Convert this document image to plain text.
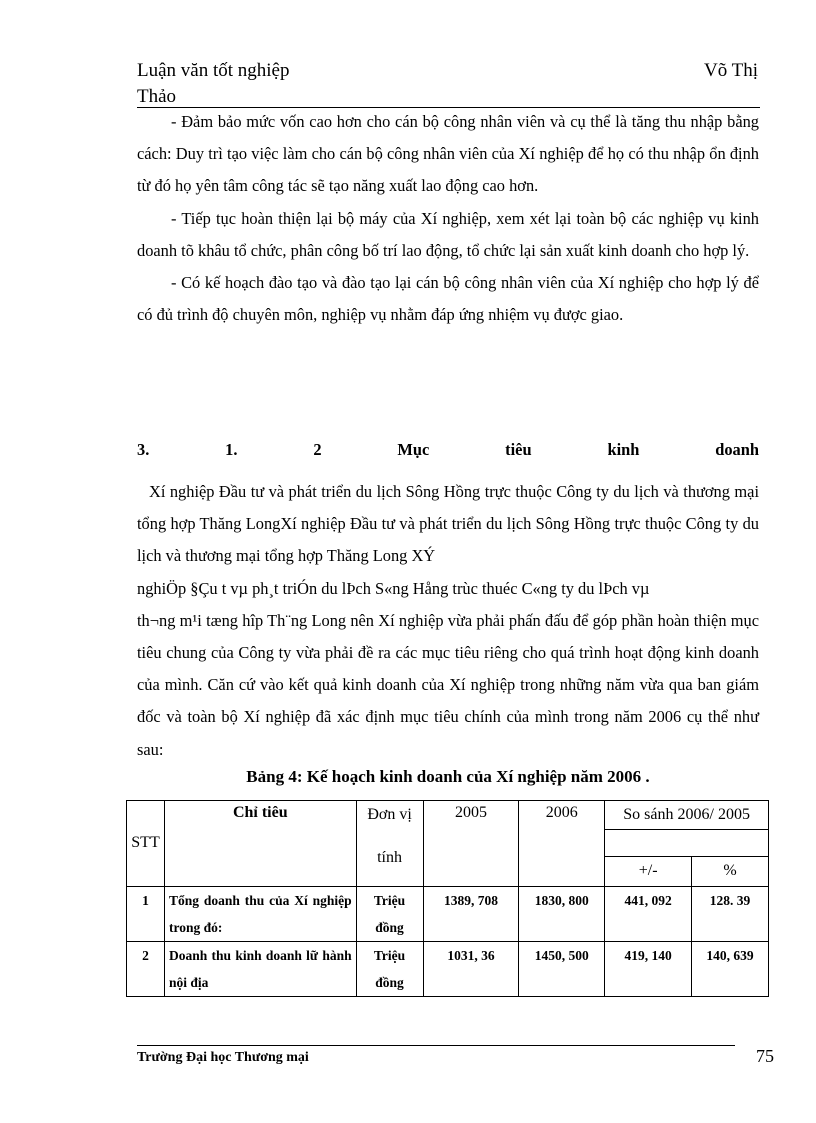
Luận văn tốt nghiệp
Thảo
Võ Thị

- Đảm bảo mức vốn cao hơn cho cán bộ công nhân viên và cụ thể là tăng thu nhập bằng cách: Duy trì tạo việc làm cho cán bộ công nhân viên của Xí nghiệp để họ có thu nhập ổn định từ đó họ yên tâm công tác sẽ tạo năng xuất lao động cao hơn.

- Tiếp tục hoàn thiện lại bộ máy của Xí nghiệp, xem xét lại toàn bộ các nghiệp vụ kinh doanh tõ khâu tổ chức, phân công bố trí lao động, tổ chức lại sản xuất kinh doanh cho hợp lý.

- Có kế hoạch đào tạo và đào tạo lại cán bộ công nhân viên của Xí nghiệp cho hợp lý để có đủ trình độ chuyên môn, nghiệp vụ nhằm đáp ứng nhiệm vụ được giao.

3.	1.	2	Mục	tiêu	kinh	doanh
Xí nghiệp Đầu tư và phát triển du lịch Sông Hồng trực thuộc Công ty du lịch và thương mại tổng hợp Thăng LongXí nghiệp Đầu tư và phát triển du lịch Sông Hồng trực thuộc Công ty du lịch và thương mại tổng hợp Thăng Long XÝ
nghiÖp §Çu t vµ ph¸t triÓn du lÞch S«ng Hång trùc thuéc C«ng ty du lÞch vµ
th¬ng m¹i tæng hîp Th¨ng Long nên Xí nghiệp vừa phải phấn đấu để góp phần hoàn thiện mục tiêu chung của Công ty vừa phải đề ra các mục tiêu riêng cho quá trình hoạt động kinh doanh của mình. Căn cứ vào kết quả kinh doanh của Xí nghiệp trong những năm vừa qua ban giám đốc và toàn bộ Xí nghiệp đã xác định mục tiêu chính của mình trong năm 2006 cụ thể như sau:
Bảng 4: Kế hoạch kinh doanh của Xí nghiệp năm 2006 .
STT	Chỉ tiêu	Đơn vị	2005	2006	So sánh 2006/ 2005	
		tính				
					+/-	%
1	Tổng doanh thu của Xí nghiệp trong đó:	Triệu đồng	1389, 708	1830, 800	441, 092	128. 39
2	Doanh thu kinh doanh lữ hành nội địa	Triệu đồng	1031, 36	1450, 500	419, 140	140, 639
Trường Đại học Thương mại	75
